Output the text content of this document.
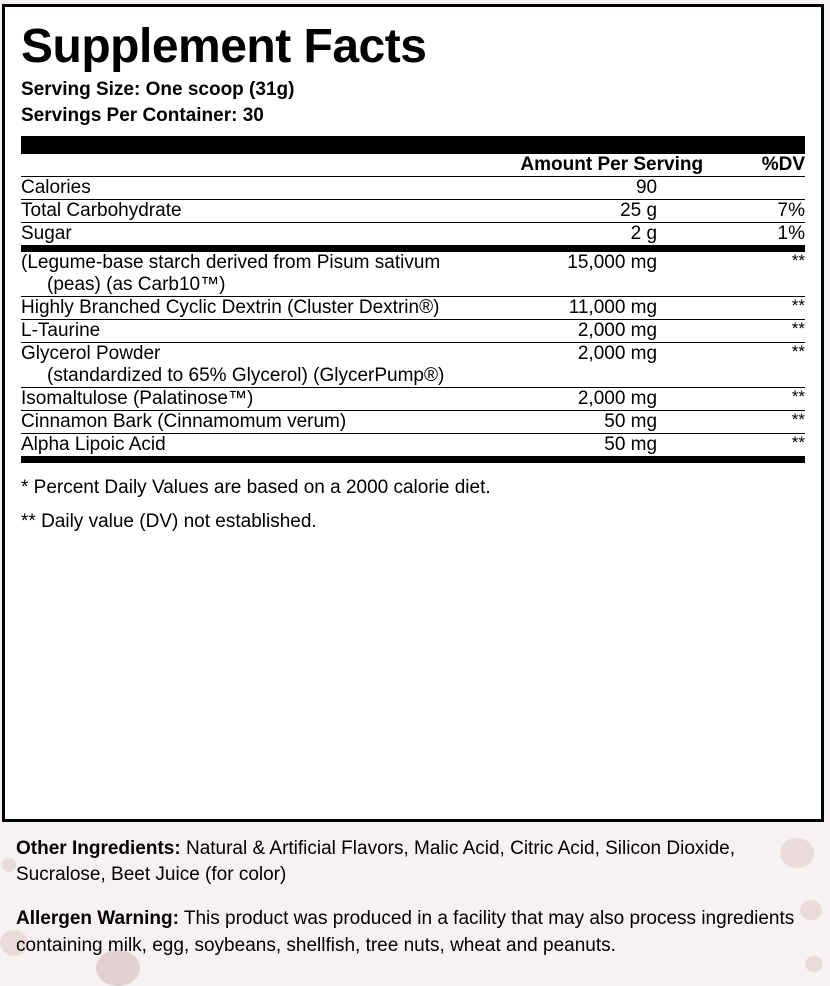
Supplement Facts
Serving Size: One scoop (31g)
Servings Per Container: 30
	Amount Per Serving	%DV
Calories	90	
Total Carbohydrate	25 g	7%
Sugar	2 g	1%
(Legume-base starch derived from Pisum sativum
(peas) (as Carb10™)	15,000 mg	**
Highly Branched Cyclic Dextrin (Cluster Dextrin®)	11,000 mg	**
L-Taurine	2,000 mg	**
Glycerol Powder
(standardized to 65% Glycerol) (GlycerPump®)	2,000 mg	**
Isomaltulose (Palatinose™)	2,000 mg	**
Cinnamon Bark (Cinnamomum verum)	50 mg	**
Alpha Lipoic Acid	50 mg	**
* Percent Daily Values are based on a 2000 calorie diet.
** Daily value (DV) not established.

Other Ingredients: Natural & Artificial Flavors, Malic Acid, Citric Acid, Silicon Dioxide, Sucralose, Beet Juice (for color)

Allergen Warning: This product was produced in a facility that may also process ingredients containing milk, egg, soybeans, shellfish, tree nuts, wheat and peanuts.
